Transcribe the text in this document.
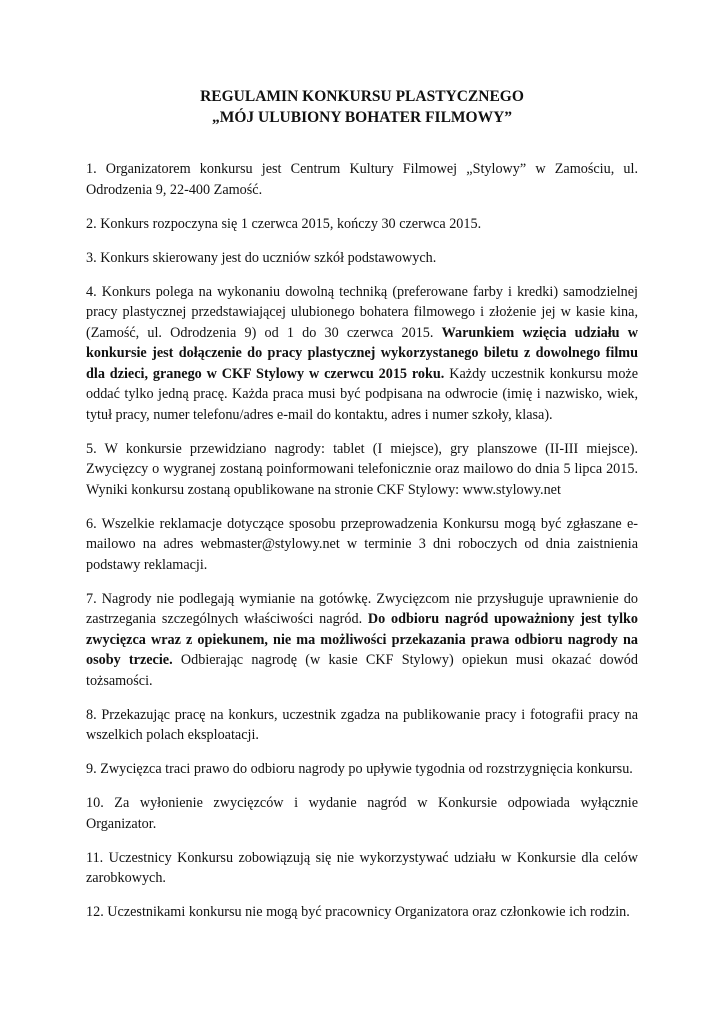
REGULAMIN KONKURSU PLASTYCZNEGO
„MÓJ ULUBIONY BOHATER FILMOWY”

1. Organizatorem konkursu jest Centrum Kultury Filmowej „Stylowy” w Zamościu, ul. Odrodzenia 9, 22-400 Zamość.

2. Konkurs rozpoczyna się 1 czerwca 2015, kończy 30 czerwca 2015.

3. Konkurs skierowany jest do uczniów szkół podstawowych.

4. Konkurs polega na wykonaniu dowolną techniką (preferowane farby i kredki) samodzielnej pracy plastycznej przedstawiającej ulubionego bohatera filmowego i złożenie jej w kasie kina, (Zamość, ul. Odrodzenia 9) od 1 do 30 czerwca 2015. Warunkiem wzięcia udziału w konkursie jest dołączenie do pracy plastycznej wykorzystanego biletu z dowolnego filmu dla dzieci, granego w CKF Stylowy w czerwcu 2015 roku. Każdy uczestnik konkursu może oddać tylko jedną pracę. Każda praca musi być podpisana na odwrocie (imię i nazwisko, wiek, tytuł pracy, numer telefonu/adres e-mail do kontaktu, adres i numer szkoły, klasa).

5. W konkursie przewidziano nagrody: tablet (I miejsce), gry planszowe (II-III miejsce). Zwycięzcy o wygranej zostaną poinformowani telefonicznie oraz mailowo do dnia 5 lipca 2015. Wyniki konkursu zostaną opublikowane na stronie CKF Stylowy: www.stylowy.net

6. Wszelkie reklamacje dotyczące sposobu przeprowadzenia Konkursu mogą być zgłaszane e-mailowo na adres webmaster@stylowy.net w terminie 3 dni roboczych od dnia zaistnienia podstawy reklamacji.

7. Nagrody nie podlegają wymianie na gotówkę. Zwycięzcom nie przysługuje uprawnienie do zastrzegania szczególnych właściwości nagród. Do odbioru nagród upoważniony jest tylko zwycięzca wraz z opiekunem, nie ma możliwości przekazania prawa odbioru nagrody na osoby trzecie. Odbierając nagrodę (w kasie CKF Stylowy) opiekun musi okazać dowód tożsamości.

8. Przekazując pracę na konkurs, uczestnik zgadza na publikowanie pracy i fotografii pracy na wszelkich polach eksploatacji.

9. Zwycięzca traci prawo do odbioru nagrody po upływie tygodnia od rozstrzygnięcia konkursu.

10. Za wyłonienie zwycięzców i wydanie nagród w Konkursie odpowiada wyłącznie Organizator.

11. Uczestnicy Konkursu zobowiązują się nie wykorzystywać udziału w Konkursie dla celów zarobkowych.

12. Uczestnikami konkursu nie mogą być pracownicy Organizatora oraz członkowie ich rodzin.
